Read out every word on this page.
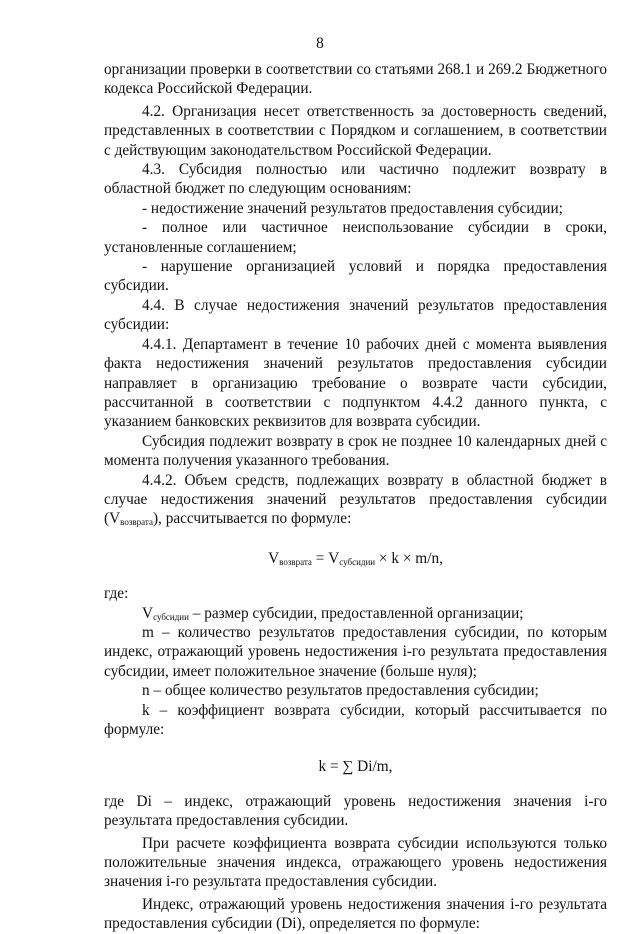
8

организации проверки в соответствии со статьями 268.1 и 269.2 Бюджетного кодекса Российской Федерации.

4.2. Организация несет ответственность за достоверность сведений, представленных в соответствии с Порядком и соглашением, в соответствии с действующим законодательством Российской Федерации.

4.3. Субсидия полностью или частично подлежит возврату в областной бюджет по следующим основаниям:

- недостижение значений результатов предоставления субсидии;

- полное или частичное неиспользование субсидии в сроки, установленные соглашением;

- нарушение организацией условий и порядка предоставления субсидии.

4.4. В случае недостижения значений результатов предоставления субсидии:

4.4.1. Департамент в течение 10 рабочих дней с момента выявления факта недостижения значений результатов предоставления субсидии направляет в организацию требование о возврате части субсидии, рассчитанной в соответствии с подпунктом 4.4.2 данного пункта, с указанием банковских реквизитов для возврата субсидии.

Субсидия подлежит возврату в срок не позднее 10 календарных дней с момента получения указанного требования.

4.4.2. Объем средств, подлежащих возврату в областной бюджет в случае недостижения значений результатов предоставления субсидии $(V_{возврата})$, рассчитывается по формуле:

$V_{возврата} = V_{субсидии} \times k \times m/n$,

где:

$V_{субсидии}$ – размер субсидии, предоставленной организации;

m – количество результатов предоставления субсидии, по которым индекс, отражающий уровень недостижения i-го результата предоставления субсидии, имеет положительное значение (больше нуля);

n – общее количество результатов предоставления субсидии;

k – коэффициент возврата субсидии, который рассчитывается по формуле:

k = ∑ Di/m,

где Di – индекс, отражающий уровень недостижения значения i-го результата предоставления субсидии.

При расчете коэффициента возврата субсидии используются только положительные значения индекса, отражающего уровень недостижения значения i-го результата предоставления субсидии.

Индекс, отражающий уровень недостижения значения i-го результата предоставления субсидии (Di), определяется по формуле:
